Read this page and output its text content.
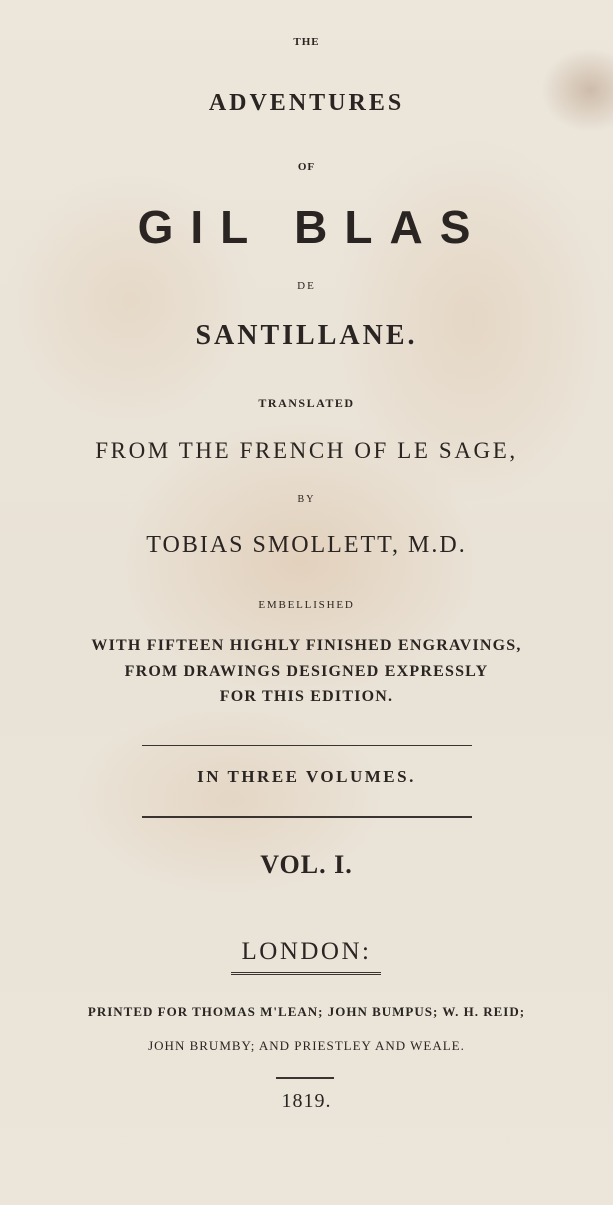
THE
ADVENTURES
OF
GIL BLAS
DE
SANTILLANE.
TRANSLATED
FROM THE FRENCH OF LE SAGE,
BY
TOBIAS SMOLLETT, M.D.
EMBELLISHED
WITH FIFTEEN HIGHLY FINISHED ENGRAVINGS,
FROM DRAWINGS DESIGNED EXPRESSLY
FOR THIS EDITION.
IN THREE VOLUMES.
VOL. I.
LONDON:
PRINTED FOR THOMAS M'LEAN; JOHN BUMPUS; W. H. REID;
JOHN BRUMBY; AND PRIESTLEY AND WEALE.
1819.
